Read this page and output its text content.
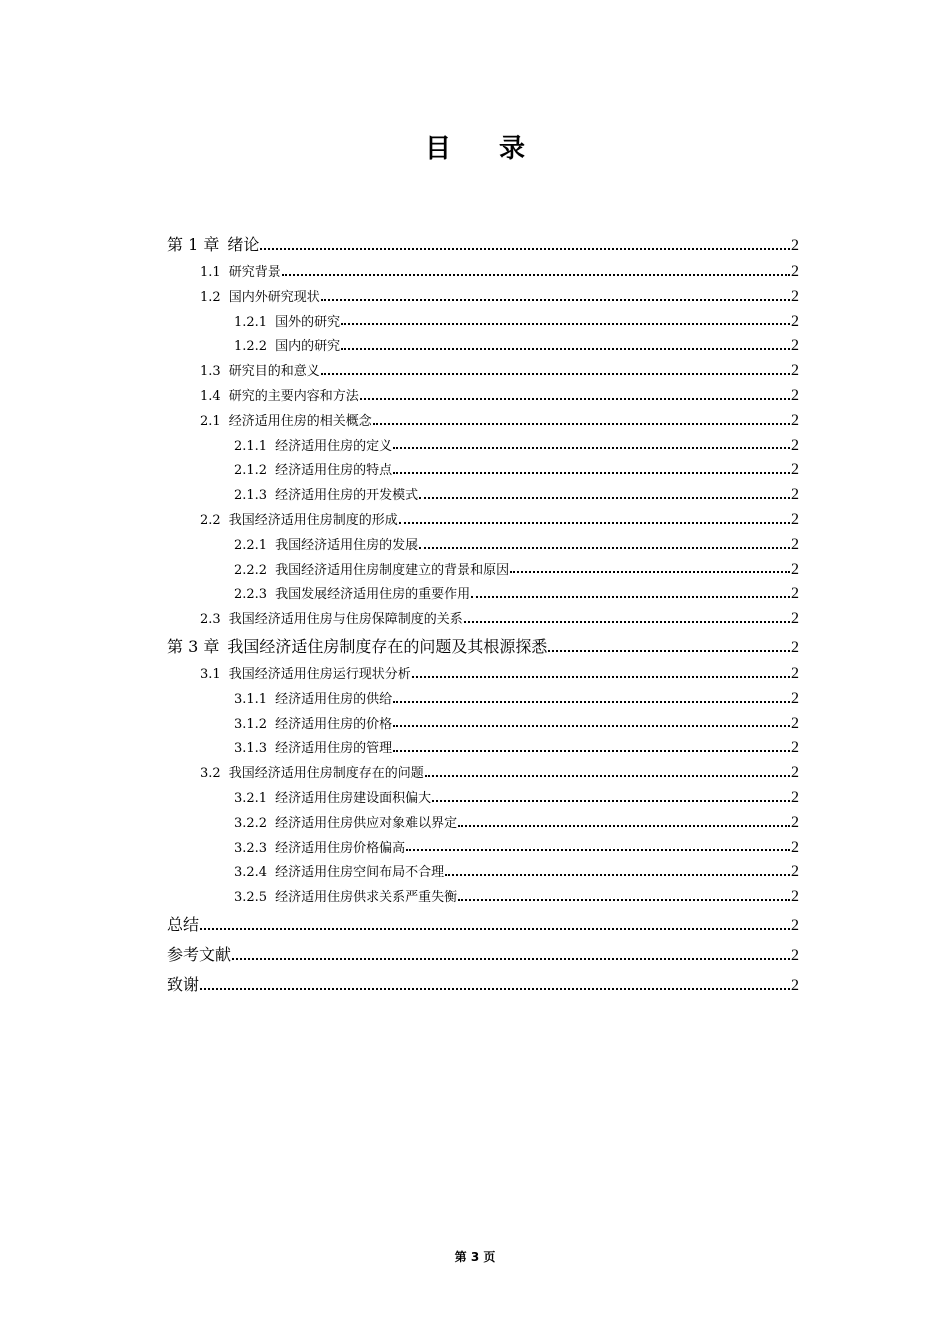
目 录
第 1 章 绪论	2
1.1 研究背景	2
1.2 国内外研究现状	2
1.2.1 国外的研究	2
1.2.2 国内的研究	2
1.3 研究目的和意义	2
1.4 研究的主要内容和方法	2
2.1 经济适用住房的相关概念	2
2.1.1 经济适用住房的定义	2
2.1.2 经济适用住房的特点	2
2.1.3 经济适用住房的开发模式	2
2.2 我国经济适用住房制度的形成	2
2.2.1 我国经济适用住房的发展	2
2.2.2 我国经济适用住房制度建立的背景和原因	2
2.2.3 我国发展经济适用住房的重要作用	2
2.3 我国经济适用住房与住房保障制度的关系	2
第 3 章 我国经济适住房制度存在的问题及其根源探悉	2
3.1 我国经济适用住房运行现状分析	2
3.1.1 经济适用住房的供给	2
3.1.2 经济适用住房的价格	2
3.1.3 经济适用住房的管理	2
3.2 我国经济适用住房制度存在的问题	2
3.2.1 经济适用住房建设面积偏大	2
3.2.2 经济适用住房供应对象难以界定	2
3.2.3 经济适用住房价格偏高	2
3.2.4 经济适用住房空间布局不合理	2
3.2.5 经济适用住房供求关系严重失衡	2
总结	2
参考文献	2
致谢	2
第 3 页
